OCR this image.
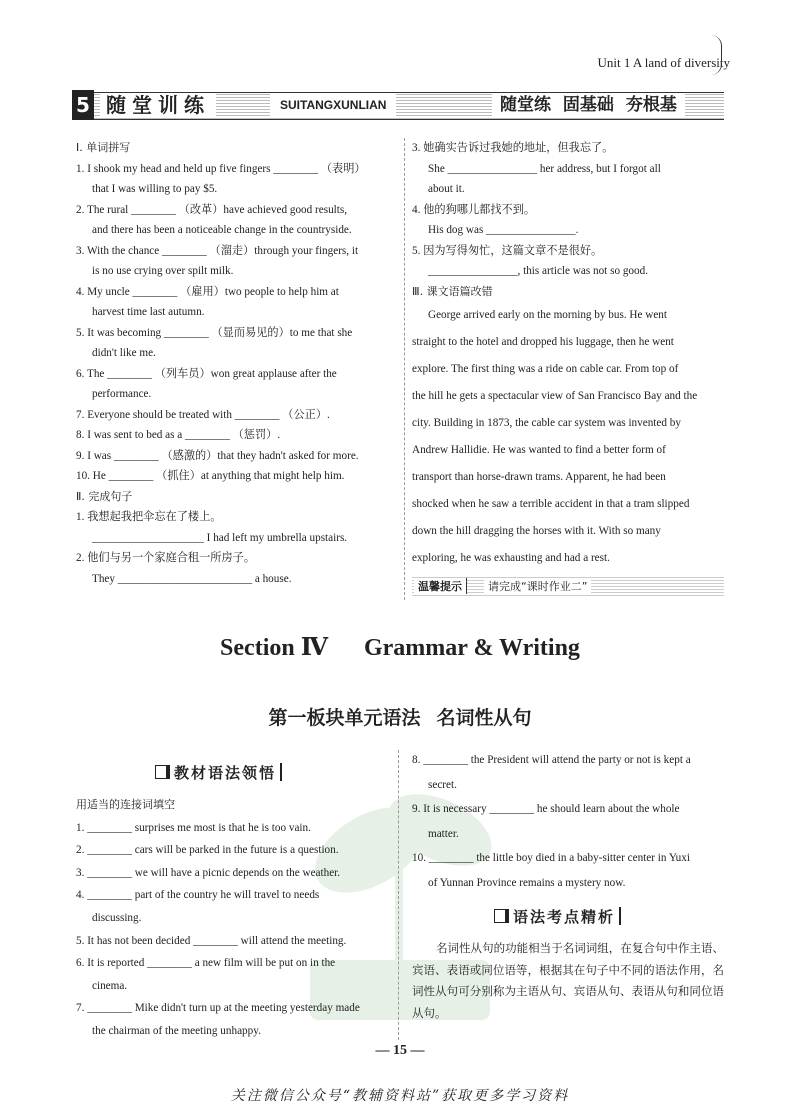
Unit 1 A land of diversity
5 随堂训练	SUITANGXUNLIAN	随堂练 固基础 夯根基

Ⅰ. 单词拼写

1. I shook my head and held up five fingers ________ （表明）

that I was willing to pay $5.

2. The rural ________ （改革）have achieved good results,

and there has been a noticeable change in the countryside.

3. With the chance ________ （溜走）through your fingers, it

is no use crying over spilt milk.

4. My uncle ________ （雇用）two people to help him at

harvest time last autumn.

5. It was becoming ________ （显而易见的）to me that she

didn't like me.

6. The ________ （列车员）won great applause after the

performance.

7. Everyone should be treated with ________ （公正）.

8. I was sent to bed as a ________ （惩罚）.

9. I was ________ （感激的）that they hadn't asked for more.

10. He ________ （抓住）at anything that might help him.

Ⅱ. 完成句子

1. 我想起我把伞忘在了楼上。

____________________ I had left my umbrella upstairs.

2. 他们与另一个家庭合租一所房子。

They ________________________ a house.

3. 她确实告诉过我她的地址，但我忘了。

She ________________ her address, but I forgot all

about it.

4. 他的狗哪儿都找不到。

His dog was ________________.

5. 因为写得匆忙，这篇文章不是很好。

________________, this article was not so good.

Ⅲ. 课文语篇改错

George arrived early on the morning by bus. He went

straight to the hotel and dropped his luggage, then he went

explore. The first thing was a ride on cable car. From top of

the hill he gets a spectacular view of San Francisco Bay and the

city. Building in 1873, the cable car system was invented by

Andrew Hallidie. He was wanted to find a better form of

transport than horse-drawn trams. Apparent, he had been

shocked when he saw a terrible accident in that a tram slipped

down the hill dragging the horses with it. With so many

exploring, he was exhausting and had a rest.

温馨提示	请完成“课时作业二”
Section Ⅳ Grammar & Writing
第一板块单元语法 名词性从句
教材语法领悟

用适当的连接词填空

1. ________ surprises me most is that he is too vain.

2. ________ cars will be parked in the future is a question.

3. ________ we will have a picnic depends on the weather.

4. ________ part of the country he will travel to needs

discussing.

5. It has not been decided ________ will attend the meeting.

6. It is reported ________ a new film will be put on in the

cinema.

7. ________ Mike didn't turn up at the meeting yesterday made

the chairman of the meeting unhappy.

8. ________ the President will attend the party or not is kept a

secret.

9. It is necessary ________ he should learn about the whole

matter.

10. ________ the little boy died in a baby-sitter center in Yuxi

of Yunnan Province remains a mystery now.

语法考点精析
名词性从句的功能相当于名词词组，在复合句中作主语、宾语、表语或同位语等，根据其在句子中不同的语法作用，名词性从句可分别称为主语从句、宾语从句、表语从句和同位语从句。
— 15 —
关注微信公众号“教辅资料站”获取更多学习资料
